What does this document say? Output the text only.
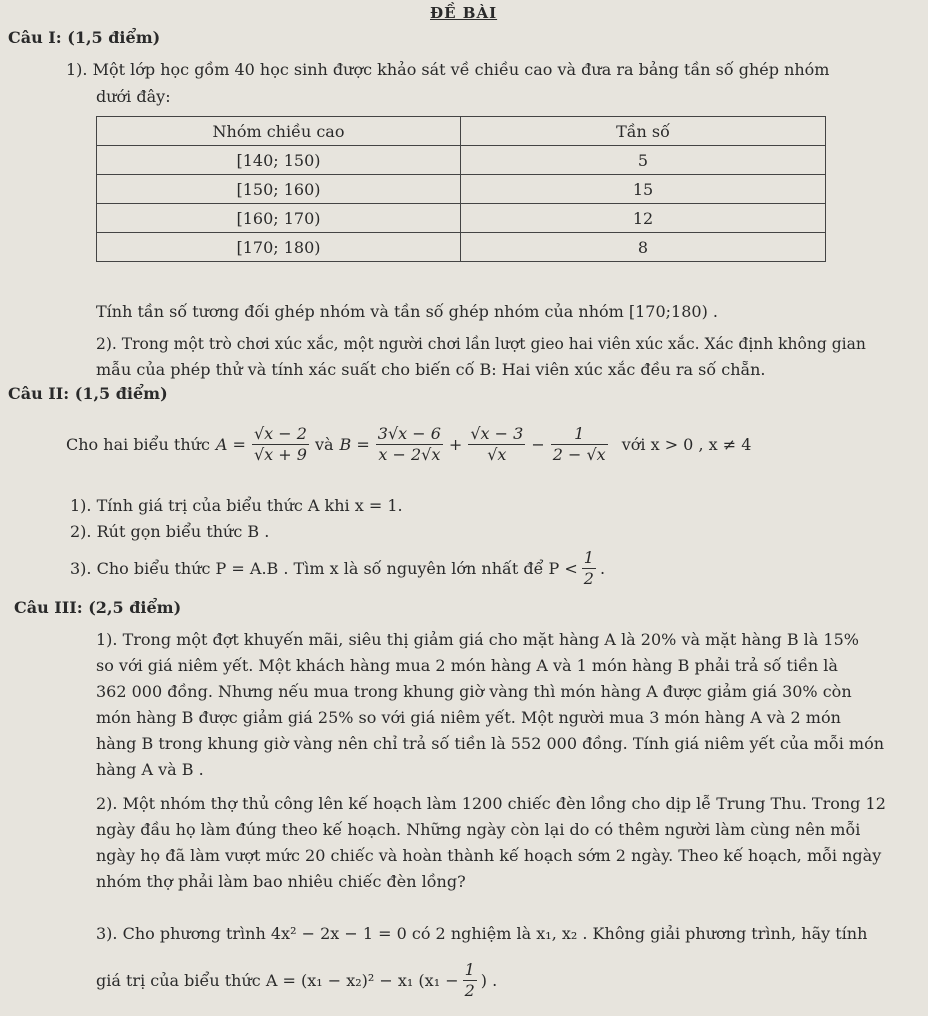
ĐỀ BÀI
Câu I: (1,5 điểm)
1). Một lớp học gồm 40 học sinh được khảo sát về chiều cao và đưa ra bảng tần số ghép nhóm
dưới đây:
Nhóm chiều cao	Tần số
[140; 150)	5
[150; 160)	15
[160; 170)	12
[170; 180)	8
Tính tần số tương đối ghép nhóm và tần số ghép nhóm của nhóm [170;180) .
2). Trong một trò chơi xúc xắc, một người chơi lần lượt gieo hai viên xúc xắc. Xác định không gian
mẫu của phép thử và tính xác suất cho biến cố B: Hai viên xúc xắc đều ra số chẵn.
Câu II: (1,5 điểm)
Cho hai biểu thức $A = \frac{√x - 2}{√x + 9}$ và $B = \frac{3√x - 6}{x - 2√x} + \frac{√x - 3}{√x} - \frac{1}{2 - √x}$ với x > 0 , x ≠ 4
1). Tính giá trị của biểu thức A khi x = 1.
2). Rút gọn biểu thức B .
3). Cho biểu thức P = A.B . Tìm x là số nguyên lớn nhất để $P < \frac{1}{2}$ .
Câu III: (2,5 điểm)
1). Trong một đợt khuyến mãi, siêu thị giảm giá cho mặt hàng A là 20% và mặt hàng B là 15%
so với giá niêm yết. Một khách hàng mua 2 món hàng A và 1 món hàng B phải trả số tiền là
362 000 đồng. Nhưng nếu mua trong khung giờ vàng thì món hàng A được giảm giá 30% còn
món hàng B được giảm giá 25% so với giá niêm yết. Một người mua 3 món hàng A và 2 món
hàng B trong khung giờ vàng nên chỉ trả số tiền là 552 000 đồng. Tính giá niêm yết của mỗi món
hàng A và B .
2). Một nhóm thợ thủ công lên kế hoạch làm 1200 chiếc đèn lồng cho dịp lễ Trung Thu. Trong 12
ngày đầu họ làm đúng theo kế hoạch. Những ngày còn lại do có thêm người làm cùng nên mỗi
ngày họ đã làm vượt mức 20 chiếc và hoàn thành kế hoạch sớm 2 ngày. Theo kế hoạch, mỗi ngày
nhóm thợ phải làm bao nhiêu chiếc đèn lồng?
3). Cho phương trình 4x² − 2x − 1 = 0 có 2 nghiệm là x₁, x₂ . Không giải phương trình, hãy tính
giá trị của biểu thức A = (x₁ − x₂)² − x₁ ($x_1 - \frac{1}{2}$ ) .
